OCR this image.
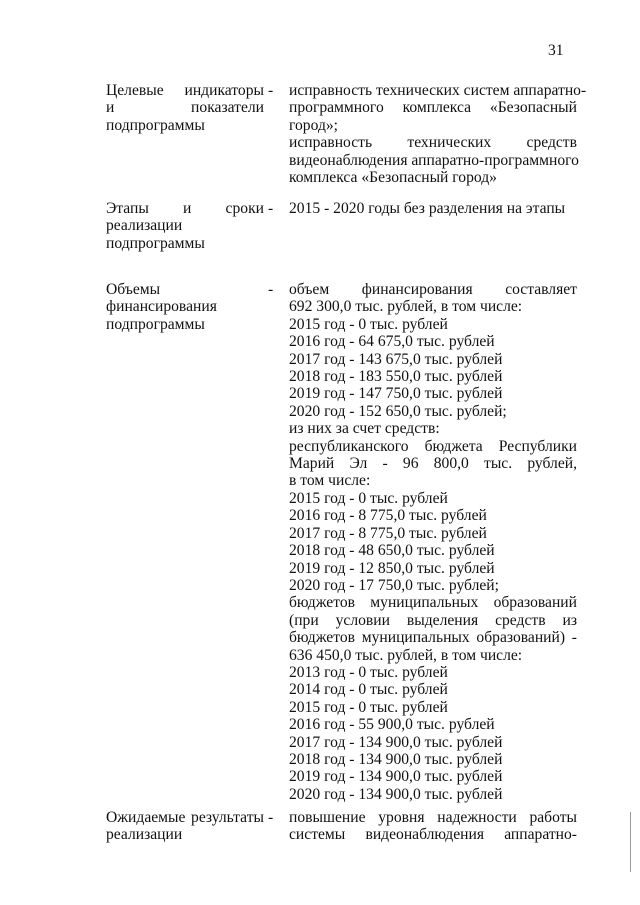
31
Целевые индикаторы
и показатели
подпрограммы
- исправность технических систем аппаратно-
программного комплекса «Безопасный
город»;
исправность технических средств
видеонаблюдения аппаратно-программного
комплекса «Безопасный город»
Этапы и сроки
реализации
подпрограммы
- 2015 - 2020 годы без разделения на этапы
Объемы
финансирования
подпрограммы
- объем финансирования составляет
692 300,0 тыс. рублей, в том числе:
2015 год - 0 тыс. рублей
2016 год - 64 675,0 тыс. рублей
2017 год - 143 675,0 тыс. рублей
2018 год - 183 550,0 тыс. рублей
2019 год - 147 750,0 тыс. рублей
2020 год - 152 650,0 тыс. рублей;
из них за счет средств:
республиканского бюджета Республики
Марий Эл - 96 800,0 тыс. рублей,
в том числе:
2015 год - 0 тыс. рублей
2016 год - 8 775,0 тыс. рублей
2017 год - 8 775,0 тыс. рублей
2018 год - 48 650,0 тыс. рублей
2019 год - 12 850,0 тыс. рублей
2020 год - 17 750,0 тыс. рублей;
бюджетов муниципальных образований
(при условии выделения средств из
бюджетов муниципальных образований) -
636 450,0 тыс. рублей, в том числе:
2013 год - 0 тыс. рублей
2014 год - 0 тыс. рублей
2015 год - 0 тыс. рублей
2016 год - 55 900,0 тыс. рублей
2017 год - 134 900,0 тыс. рублей
2018 год - 134 900,0 тыс. рублей
2019 год - 134 900,0 тыс. рублей
2020 год - 134 900,0 тыс. рублей
Ожидаемые результаты
реализации
- повышение уровня надежности работы
системы видеонаблюдения аппаратно-
